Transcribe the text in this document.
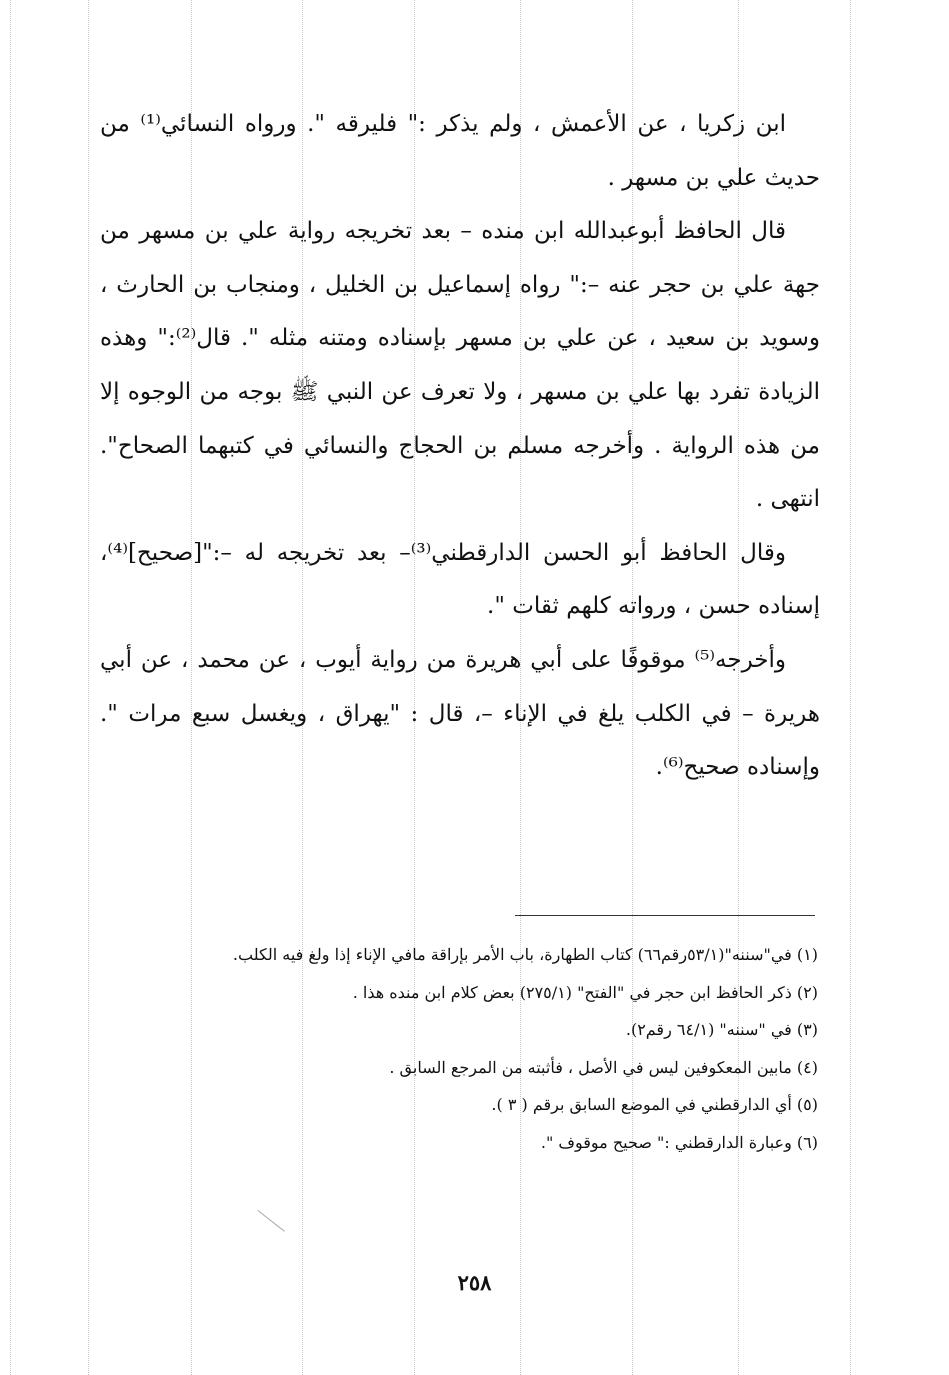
ابن زكريا ، عن الأعمش ، ولم يذكر :" فليرقه ". ورواه النسائي⁽¹⁾ من حديث علي بن مسهر .

قال الحافظ أبوعبدالله ابن منده – بعد تخريجه رواية علي بن مسهر من جهة علي بن حجر عنه –:" رواه إسماعيل بن الخليل ، ومنجاب بن الحارث ، وسويد بن سعيد ، عن علي بن مسهر بإسناده ومتنه مثله ". قال⁽²⁾:" وهذه الزيادة تفرد بها علي بن مسهر ، ولا تعرف عن النبي ﷺ بوجه من الوجوه إلا من هذه الرواية . وأخرجه مسلم بن الحجاج والنسائي في كتبهما الصحاح". انتهى .

وقال الحافظ أبو الحسن الدارقطني⁽³⁾– بعد تخريجه له –:"[صحيح]⁽⁴⁾، إسناده حسن ، ورواته كلهم ثقات ".

وأخرجه⁽⁵⁾ موقوفًا على أبي هريرة من رواية أيوب ، عن محمد ، عن أبي هريرة – في الكلب يلغ في الإناء –، قال : "يهراق ، ويغسل سبع مرات ". وإسناده صحيح⁽⁶⁾.

(١) في"سننه"(٥٣/١رقم٦٦) كتاب الطهارة، باب الأمر بإراقة مافي الإناء إذا ولغ فيه الكلب.
(٢) ذكر الحافظ ابن حجر في "الفتح" (٢٧٥/١) بعض كلام ابن منده هذا .
(٣) في "سننه" (٦٤/١ رقم٢).
(٤) مابين المعكوفين ليس في الأصل ، فأثبته من المرجع السابق .
(٥) أي الدارقطني في الموضع السابق برقم ( ٣ ).
(٦) وعبارة الدارقطني :" صحيح موقوف ".
٢٥٨
